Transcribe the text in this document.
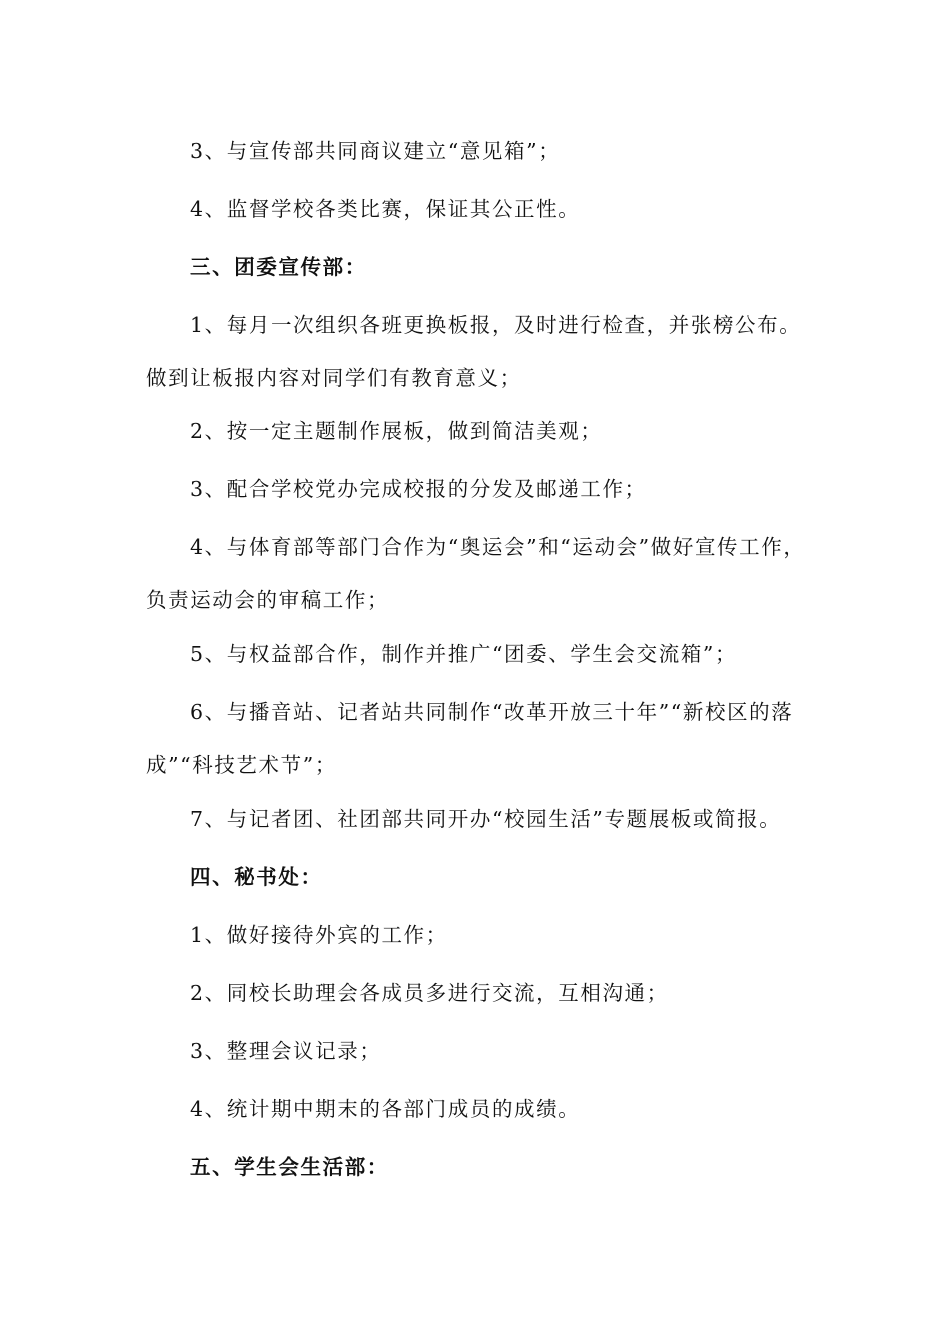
3、与宣传部共同商议建立“意见箱”；

4、监督学校各类比赛，保证其公正性。

三、团委宣传部：

1、每月一次组织各班更换板报，及时进行检查，并张榜公布。做到让板报内容对同学们有教育意义；

2、按一定主题制作展板，做到简洁美观；

3、配合学校党办完成校报的分发及邮递工作；

4、与体育部等部门合作为“奥运会”和“运动会”做好宣传工作，负责运动会的审稿工作；

5、与权益部合作，制作并推广“团委、学生会交流箱”；

6、与播音站、记者站共同制作“改革开放三十年”“新校区的落成”“科技艺术节”；

7、与记者团、社团部共同开办“校园生活”专题展板或简报。

四、秘书处：

1、做好接待外宾的工作；

2、同校长助理会各成员多进行交流，互相沟通；

3、整理会议记录；

4、统计期中期末的各部门成员的成绩。

五、学生会生活部：
